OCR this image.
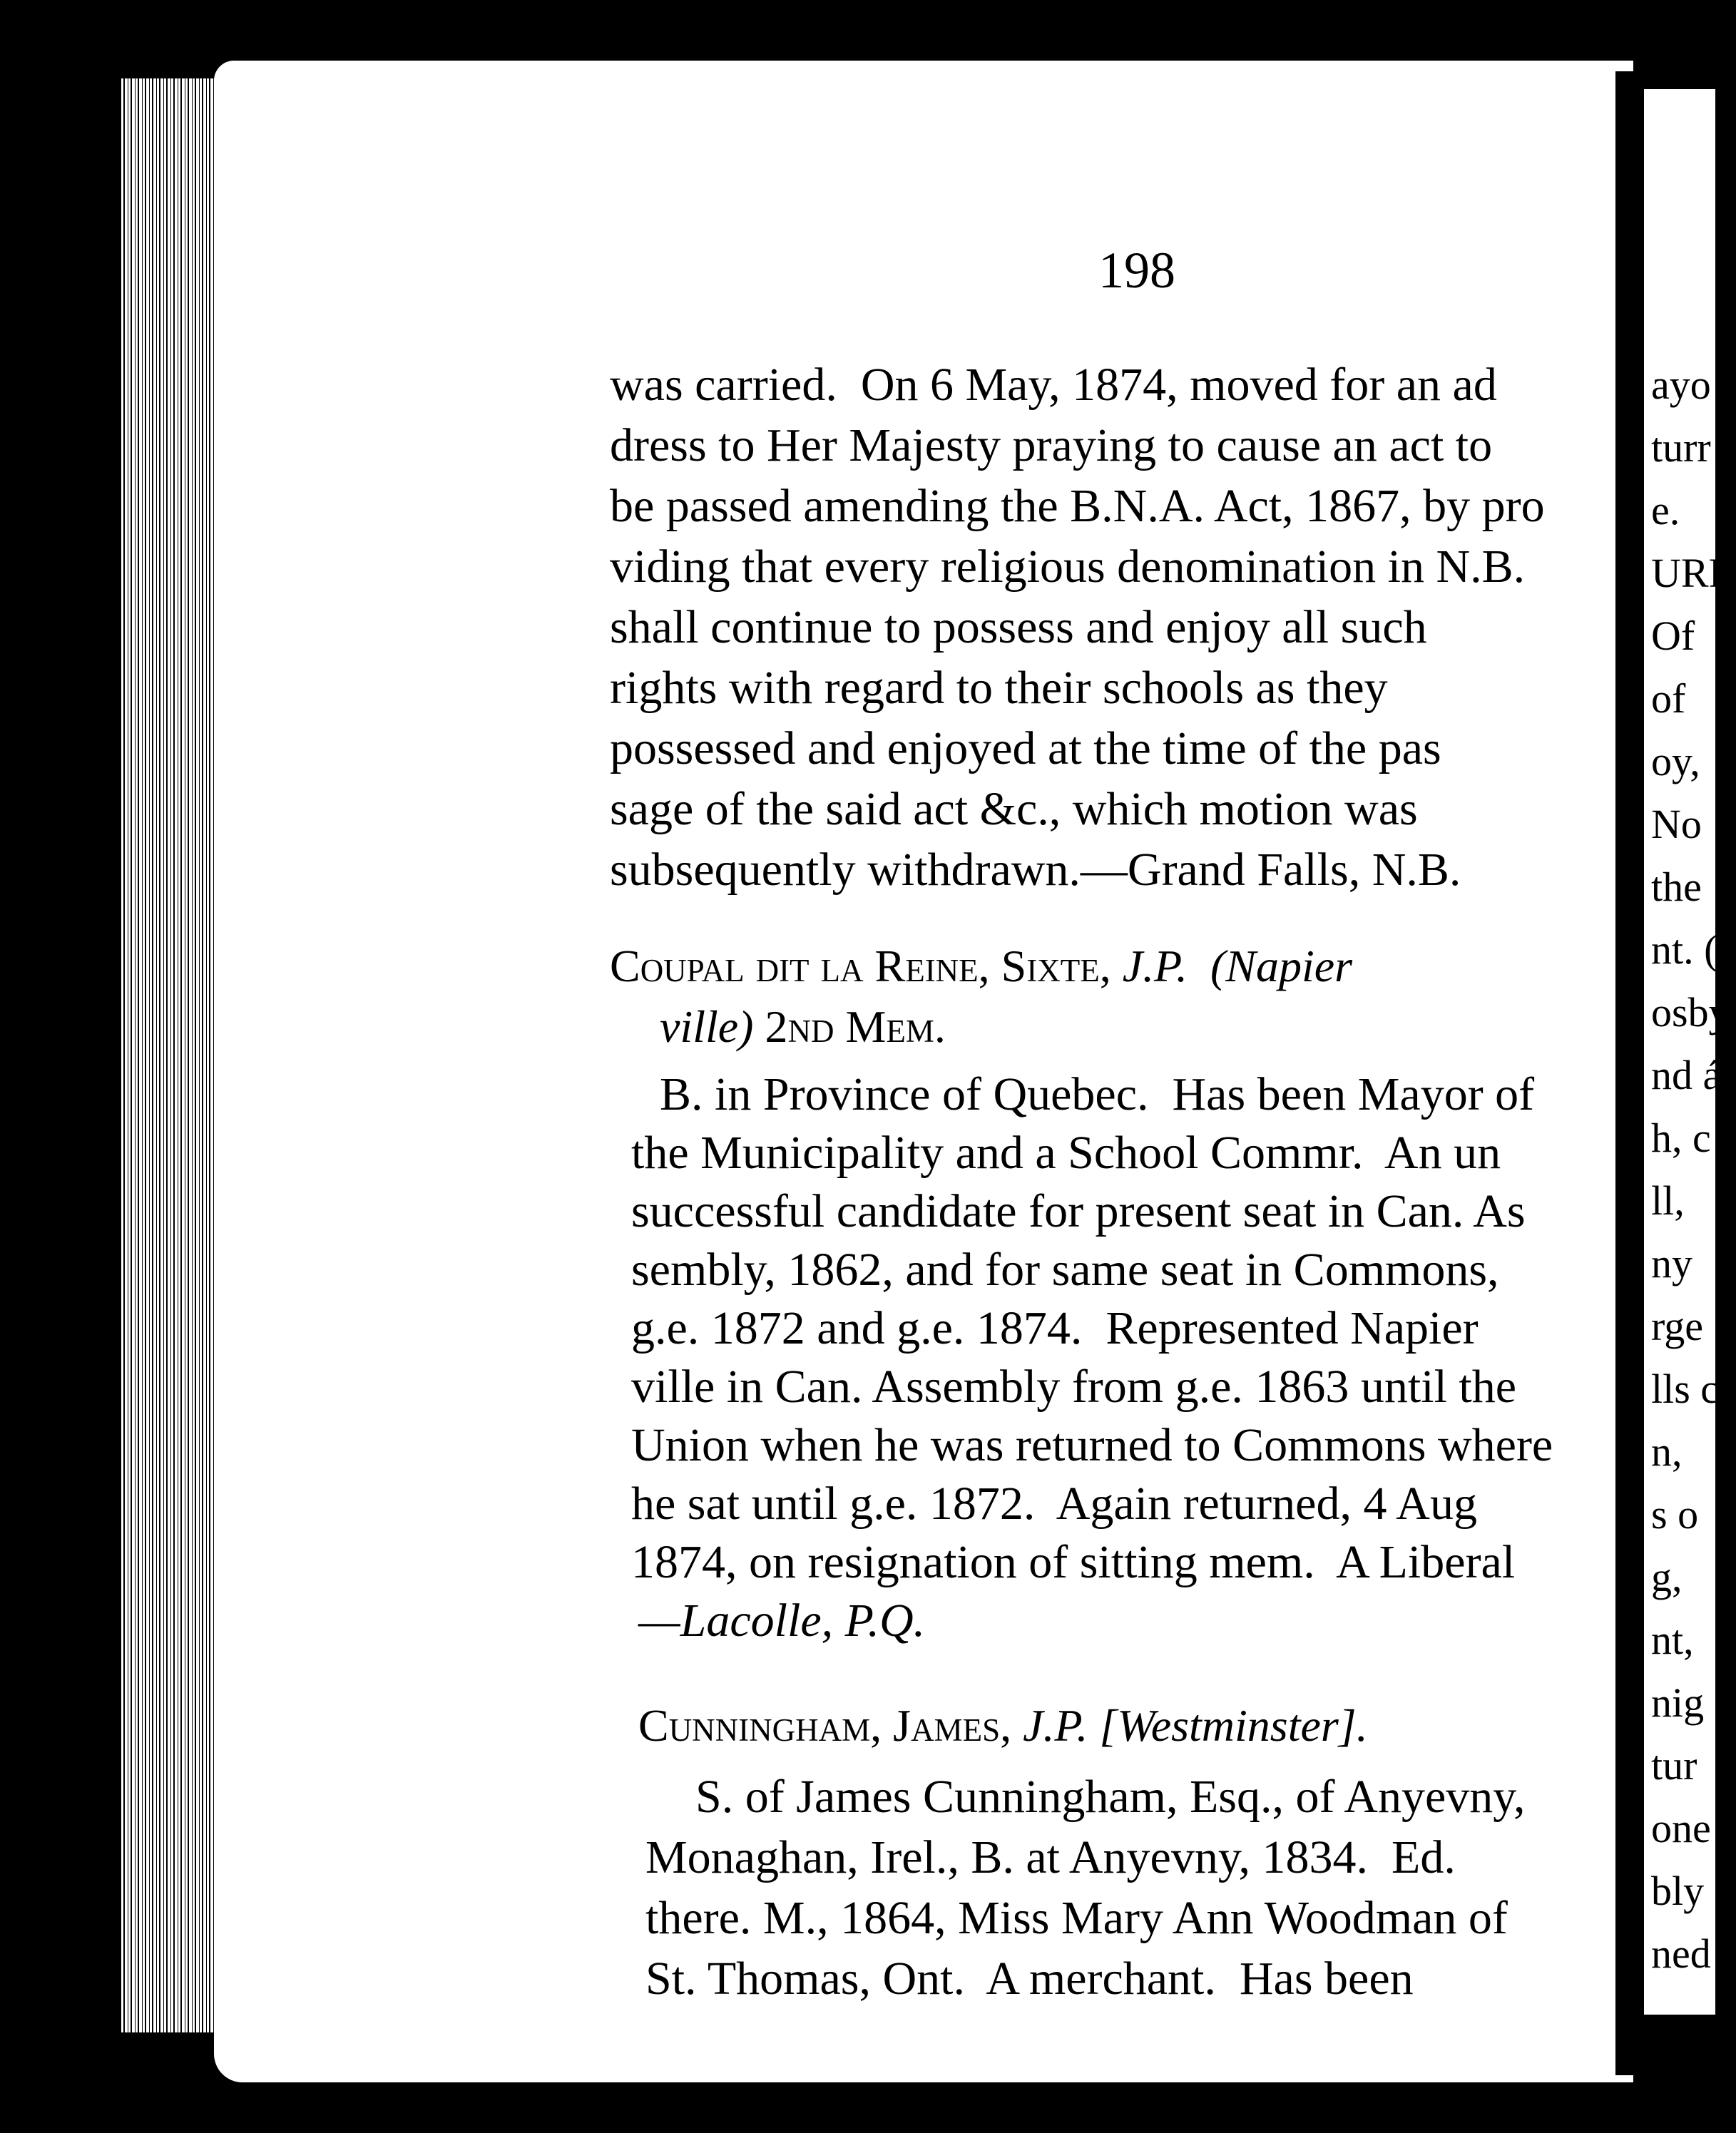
ayo
turr
e.
URR
Of
of
oy,
No
the
nt. (
osby
nd á
h, c
ll,
ny
rge
lls c
n,
s o
g,
nt,
nig
tur
one
bly
ned
198
was carried.  On 6 May, 1874, moved for an ad
dress to Her Majesty praying to cause an act to
be passed amending the B.N.A. Act, 1867, by pro
viding that every religious denomination in N.B.
shall continue to possess and enjoy all such
rights with regard to their schools as they
possessed and enjoyed at the time of the pas
sage of the said act &c., which motion was
subsequently withdrawn.—Grand Falls, N.B.
Coupal dit la Reine, Sixte, J.P. (Napier
ville) 2nd Mem.
B. in Province of Quebec.  Has been Mayor of
the Municipality and a School Commr.  An un
successful candidate for present seat in Can. As
sembly, 1862, and for same seat in Commons,
g.e. 1872 and g.e. 1874.  Represented Napier
ville in Can. Assembly from g.e. 1863 until the
Union when he was returned to Commons where
he sat until g.e. 1872.  Again returned, 4 Aug
1874, on resignation of sitting mem.  A Liberal
—Lacolle, P.Q.
Cunningham, James, J.P. [Westminster].
S. of James Cunningham, Esq., of Anyevny,
Monaghan, Irel., B. at Anyevny, 1834.  Ed.
there. M., 1864, Miss Mary Ann Woodman of
St. Thomas, Ont.  A merchant.  Has been
